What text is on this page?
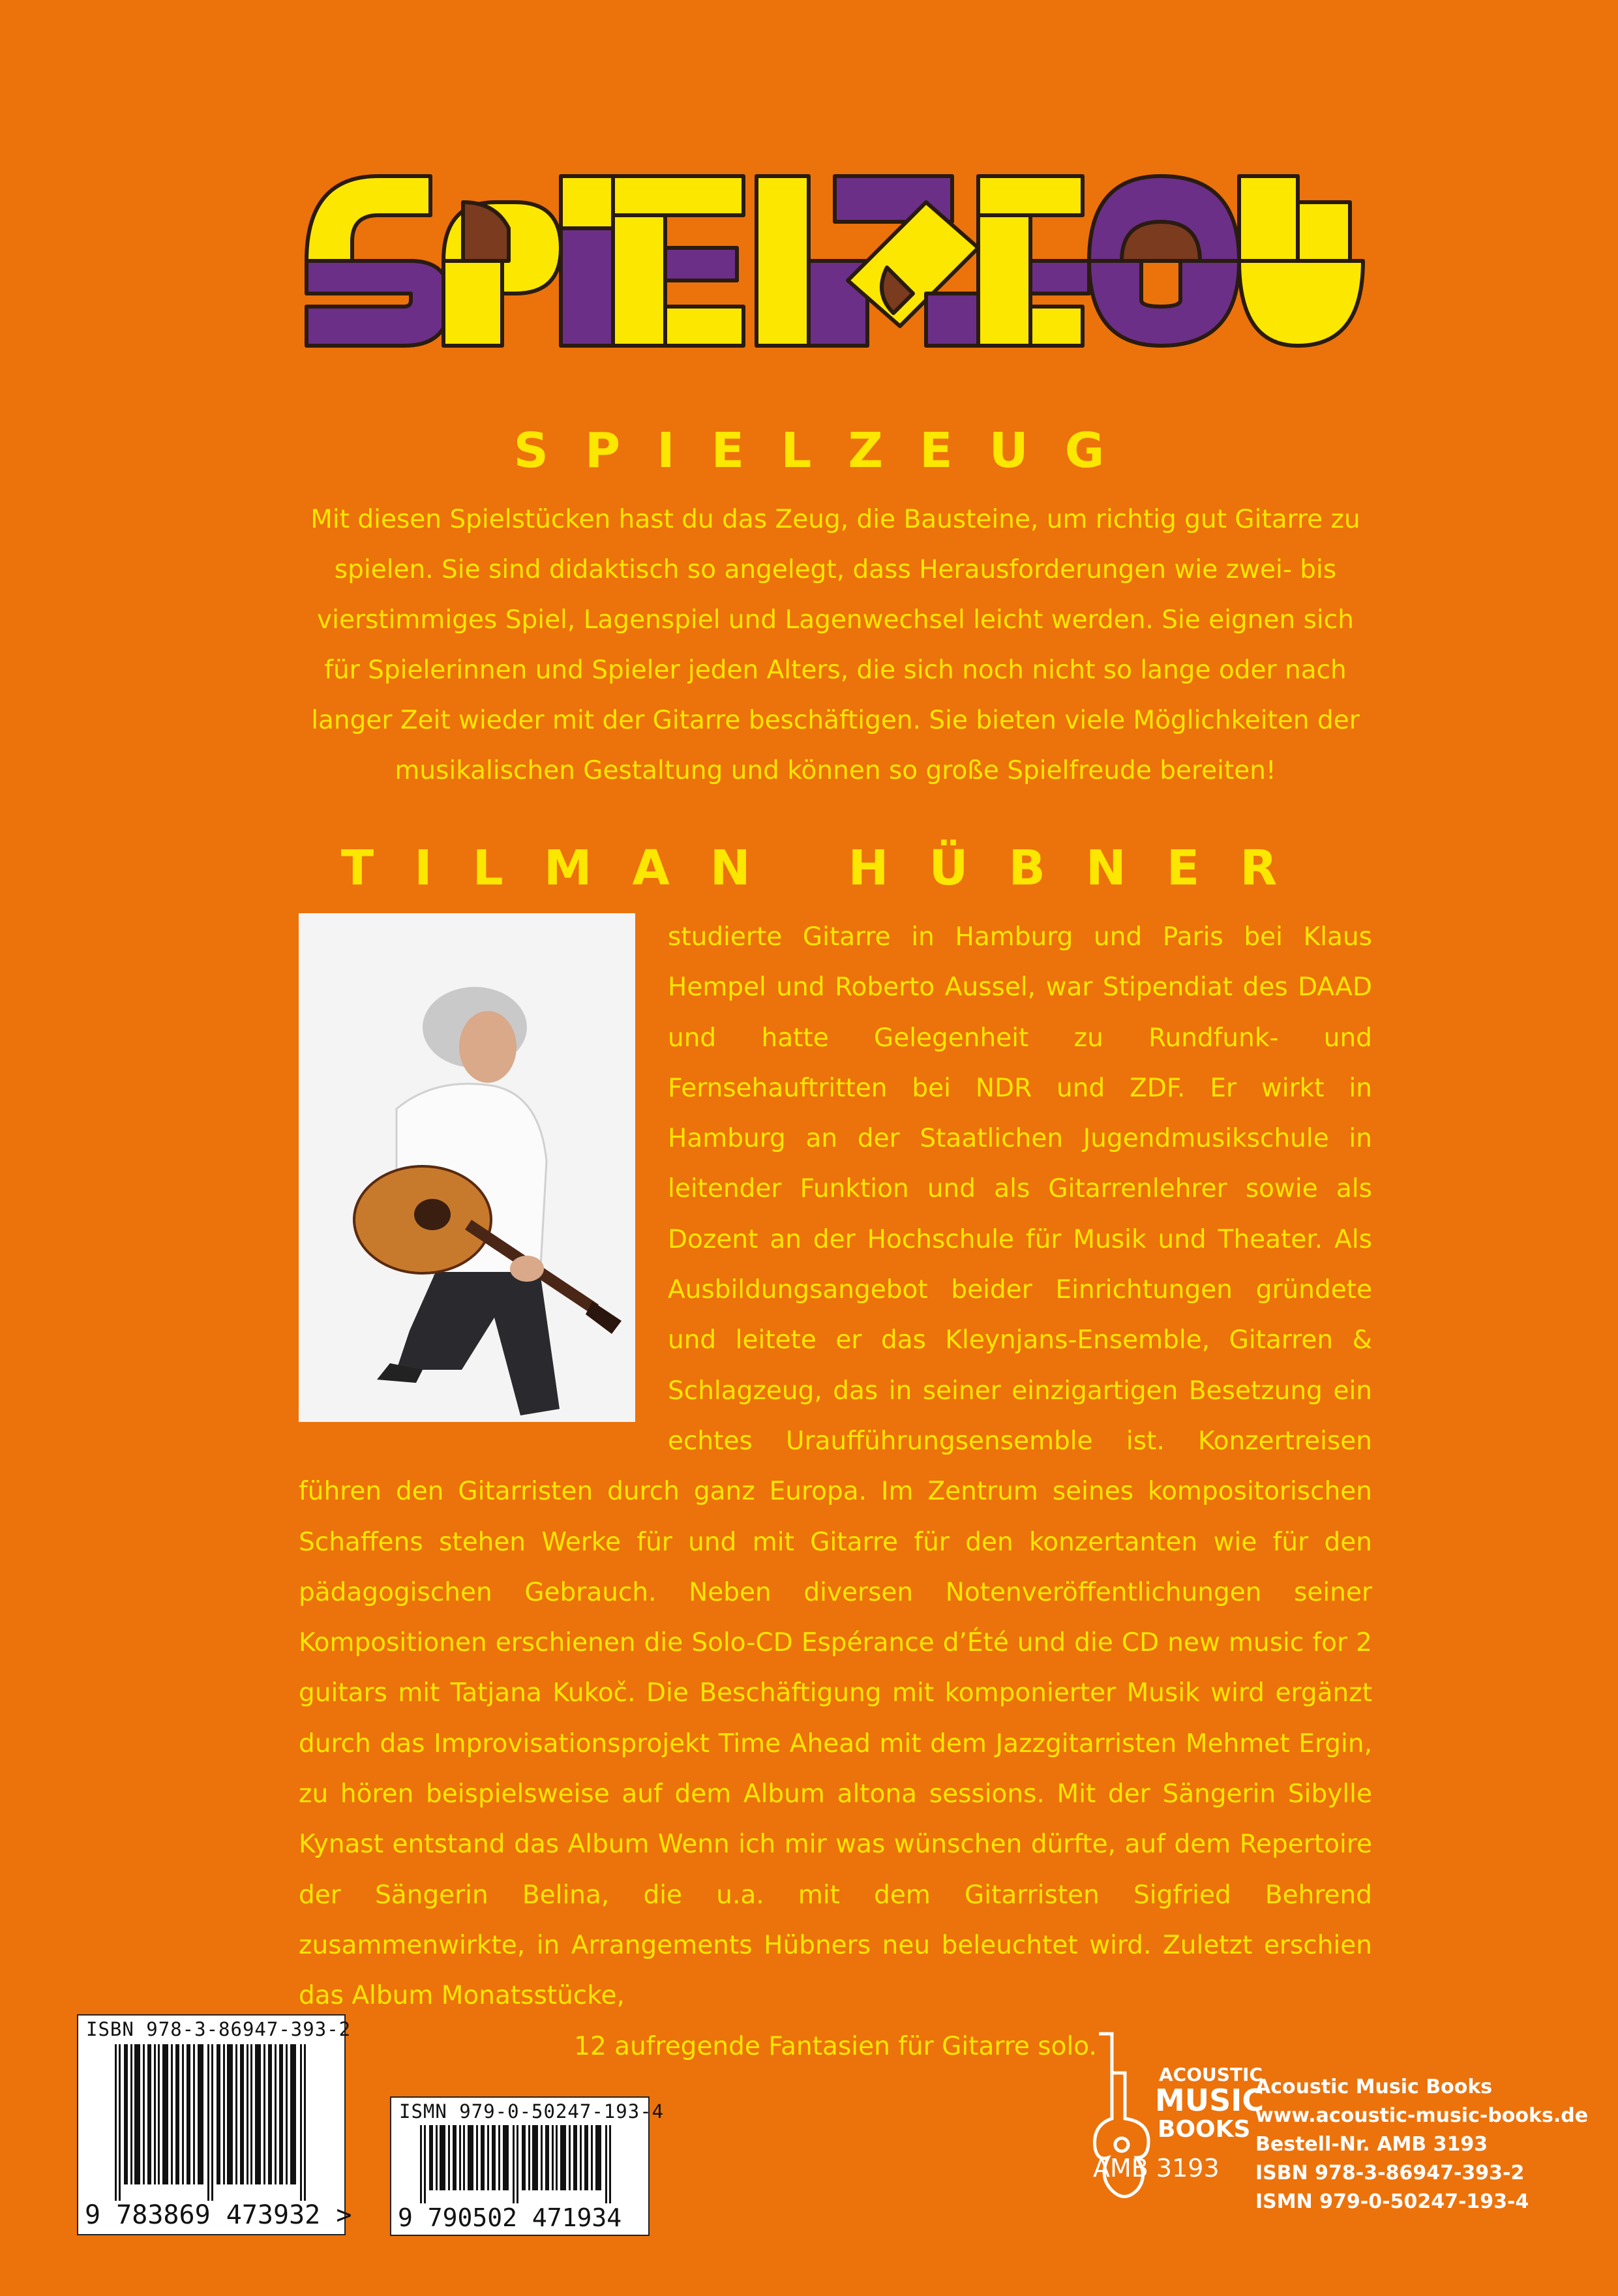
SPIELZEUG

Mit diesen Spielstücken hast du das Zeug, die Bausteine, um richtig gut Gitarre zu spielen. Sie sind didaktisch so angelegt, dass Herausforderungen wie zwei- bis vierstimmiges Spiel, Lagenspiel und Lagenwechsel leicht werden. Sie eignen sich für Spielerinnen und Spieler jeden Alters, die sich noch nicht so lange oder nach langer Zeit wieder mit der Gitarre beschäftigen. Sie bieten viele Möglichkeiten der musikalischen Gestaltung und können so große Spielfreude bereiten!

TILMAN HÜBNER
studierte Gitarre in Hamburg und Paris bei Klaus Hempel und Roberto Aussel, war Stipendiat des DAAD und hatte Gelegenheit zu Rundfunk- und Fernsehauftritten bei NDR und ZDF. Er wirkt in Hamburg an der Staatlichen Jugendmusikschule in leitender Funktion und als Gitarrenlehrer sowie als Dozent an der Hochschule für Musik und Theater. Als Ausbildungsangebot beider Einrichtungen gründete und leitete er das Kleynjans-Ensemble, Gitarren & Schlagzeug, das in seiner einzigartigen Besetzung ein echtes Uraufführungsensemble ist. Konzertreisen führen den Gitarristen durch ganz Europa. Im Zentrum seines kompositorischen Schaffens stehen Werke für und mit Gitarre für den konzertanten wie für den pädagogischen Gebrauch. Neben diversen Notenveröffentlichungen seiner Kompositionen erschienen die Solo-CD Espérance d’Été und die CD new music for 2 guitars mit Tatjana Kukoč. Die Beschäftigung mit komponierter Musik wird ergänzt durch das Improvisationsprojekt Time Ahead mit dem Jazzgitarristen Mehmet Ergin, zu hören beispielsweise auf dem Album altona sessions. Mit der Sängerin Sibylle Kynast entstand das Album Wenn ich mir was wünschen dürfte, auf dem Repertoire der Sängerin Belina, die u.a. mit dem Gitarristen Sigfried Behrend zusammenwirkte, in Arrangements Hübners neu beleuchtet wird. Zuletzt erschien das Album Monatsstücke,
12 aufregende Fantasien für Gitarre solo.
ISBN 978-3-86947-393-2
9 783869 473932 >
ISMN 979-0-50247-193-4
9 790502 471934
ACOUSTIC
MUSIC
BOOKS
AMB 3193
Acoustic Music Books
www.acoustic-music-books.de
Bestell-Nr. AMB 3193
ISBN 978-3-86947-393-2
ISMN 979-0-50247-193-4
